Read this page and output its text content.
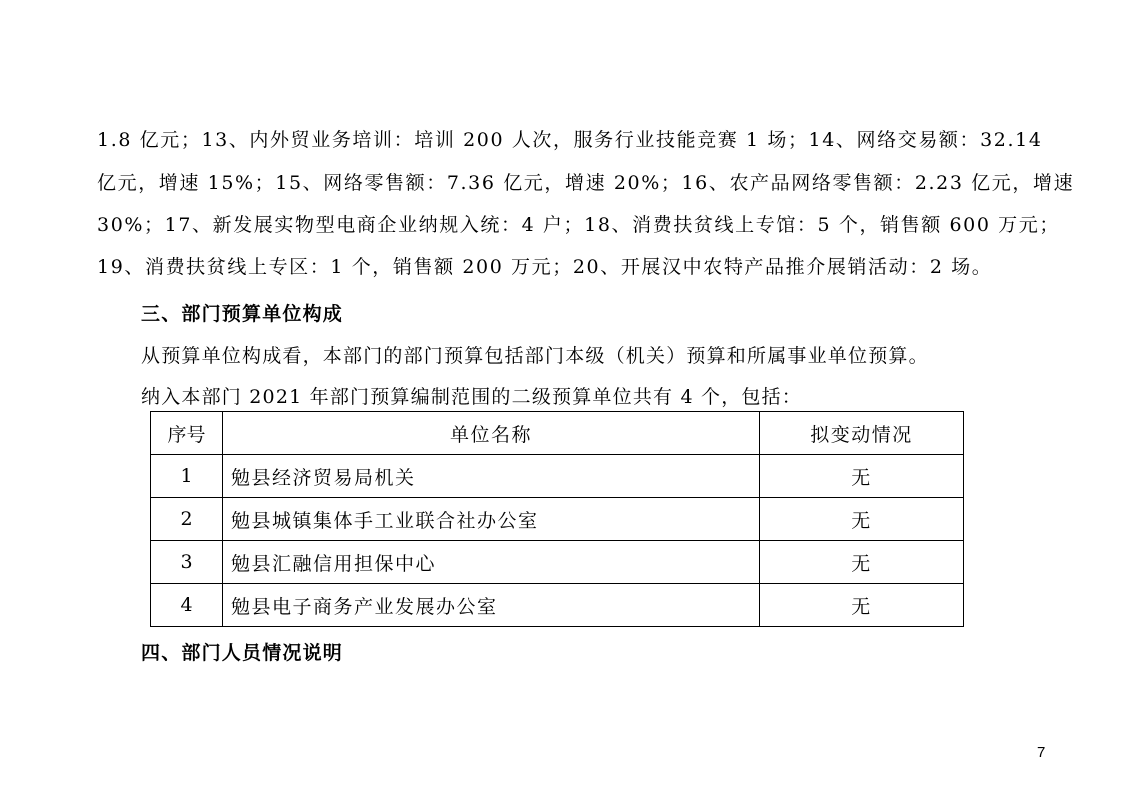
1.8 亿元；13、内外贸业务培训：培训 200 人次，服务行业技能竞赛 1 场；14、网络交易额：32.14
亿元，增速 15%；15、网络零售额：7.36 亿元，增速 20%；16、农产品网络零售额：2.23 亿元，增速
30%；17、新发展实物型电商企业纳规入统：4 户；18、消费扶贫线上专馆：5 个，销售额 600 万元；
19、消费扶贫线上专区：1 个，销售额 200 万元；20、开展汉中农特产品推介展销活动：2 场。
三、部门预算单位构成
从预算单位构成看，本部门的部门预算包括部门本级（机关）预算和所属事业单位预算。
纳入本部门 2021 年部门预算编制范围的二级预算单位共有 4 个，包括：
序号	单位名称	拟变动情况
1	勉县经济贸易局机关	无
2	勉县城镇集体手工业联合社办公室	无
3	勉县汇融信用担保中心	无
4	勉县电子商务产业发展办公室	无
四、部门人员情况说明
7
